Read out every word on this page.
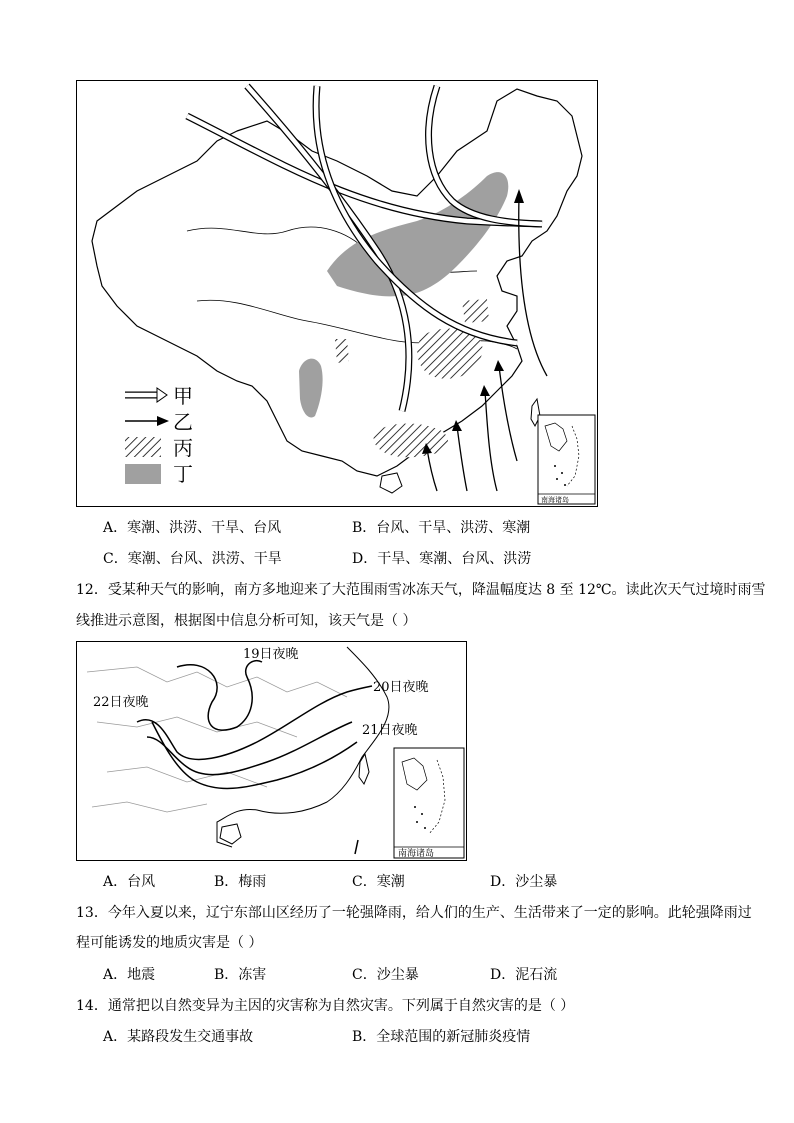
甲
乙
丙
丁
南海诸岛
A．寒潮、洪涝、干旱、台风	B．台风、干旱、洪涝、寒潮
C．寒潮、台风、洪涝、干旱	D．干旱、寒潮、台风、洪涝
12．受某种天气的影响，南方多地迎来了大范围雨雪冰冻天气，降温幅度达 8 至 12℃。读此次天气过境时雨雪
线推进示意图，根据图中信息分析可知，该天气是（ ）
19日夜晚
20日夜晚
21日夜晚
22日夜晚
南海诸岛
A．台风	B．梅雨	C．寒潮	D．沙尘暴
13．今年入夏以来，辽宁东部山区经历了一轮强降雨，给人们的生产、生活带来了一定的影响。此轮强降雨过
程可能诱发的地质灾害是（ ）
A．地震	B．冻害	C．沙尘暴	D．泥石流
14．通常把以自然变异为主因的灾害称为自然灾害。下列属于自然灾害的是（ ）
A．某路段发生交通事故	B．全球范围的新冠肺炎疫情
